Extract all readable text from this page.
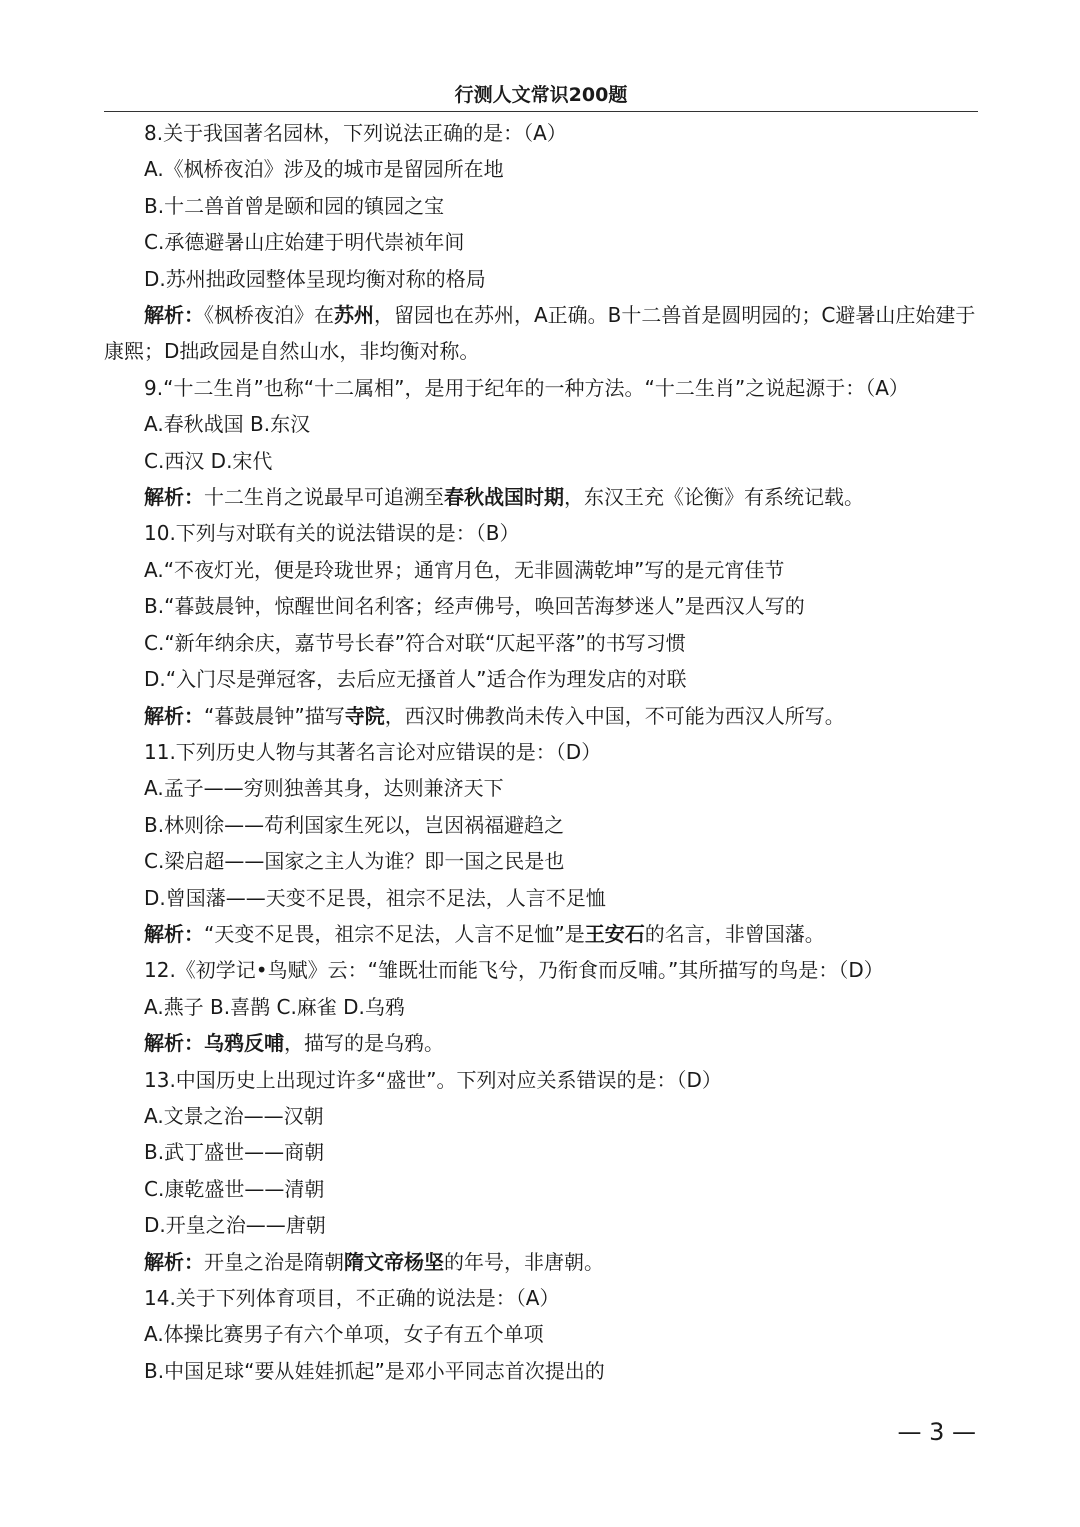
行测人文常识200题
8.关于我国著名园林，下列说法正确的是：（A）
A.《枫桥夜泊》涉及的城市是留园所在地
B.十二兽首曾是颐和园的镇园之宝
C.承德避暑山庄始建于明代崇祯年间
D.苏州拙政园整体呈现均衡对称的格局
解析：《枫桥夜泊》在苏州，留园也在苏州，A正确。B十二兽首是圆明园的；C避暑山庄始建于康熙；D拙政园是自然山水，非均衡对称。
9.“十二生肖”也称“十二属相”，是用于纪年的一种方法。“十二生肖”之说起源于：（A）
A.春秋战国 B.东汉
C.西汉 D.宋代
解析：十二生肖之说最早可追溯至春秋战国时期，东汉王充《论衡》有系统记载。
10.下列与对联有关的说法错误的是：（B）
A.“不夜灯光，便是玲珑世界；通宵月色，无非圆满乾坤”写的是元宵佳节
B.“暮鼓晨钟，惊醒世间名利客；经声佛号，唤回苦海梦迷人”是西汉人写的
C.“新年纳余庆，嘉节号长春”符合对联“仄起平落”的书写习惯
D.“入门尽是弹冠客，去后应无搔首人”适合作为理发店的对联
解析：“暮鼓晨钟”描写寺院，西汉时佛教尚未传入中国，不可能为西汉人所写。
11.下列历史人物与其著名言论对应错误的是：（D）
A.孟子——穷则独善其身，达则兼济天下
B.林则徐——苟利国家生死以，岂因祸福避趋之
C.梁启超——国家之主人为谁？即一国之民是也
D.曾国藩——天变不足畏，祖宗不足法，人言不足恤
解析：“天变不足畏，祖宗不足法，人言不足恤”是王安石的名言，非曾国藩。
12.《初学记•鸟赋》云：“雏既壮而能飞兮，乃衔食而反哺。”其所描写的鸟是：（D）
A.燕子 B.喜鹊 C.麻雀 D.乌鸦
解析：乌鸦反哺，描写的是乌鸦。
13.中国历史上出现过许多“盛世”。下列对应关系错误的是：（D）
A.文景之治——汉朝
B.武丁盛世——商朝
C.康乾盛世——清朝
D.开皇之治——唐朝
解析：开皇之治是隋朝隋文帝杨坚的年号，非唐朝。
14.关于下列体育项目，不正确的说法是：（A）
A.体操比赛男子有六个单项，女子有五个单项
B.中国足球“要从娃娃抓起”是邓小平同志首次提出的
— 3 —
